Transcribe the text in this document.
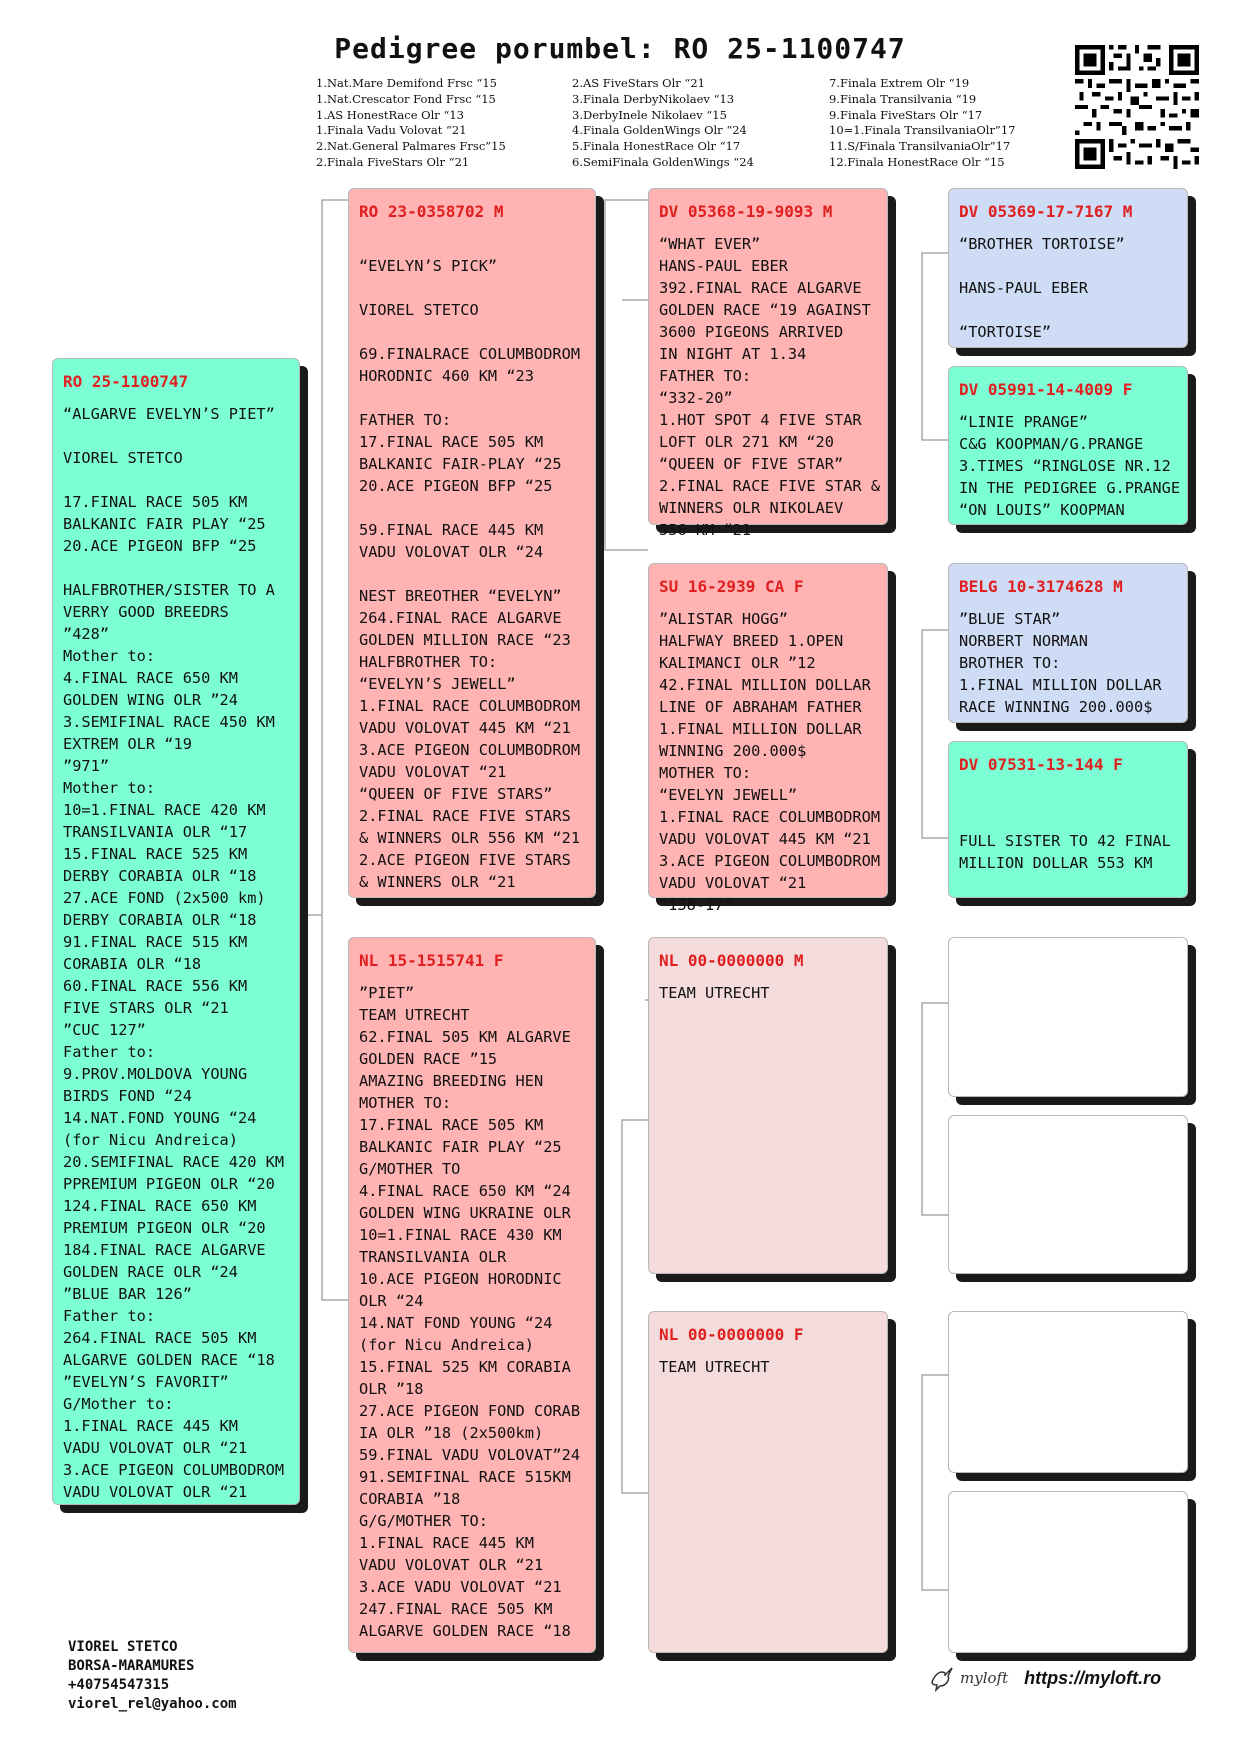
Pedigree porumbel: RO 25-1100747
1.Nat.Mare Demifond Frsc “15
1.Nat.Crescator Fond Frsc “15
1.AS HonestRace Olr “13
1.Finala Vadu Volovat “21
2.Nat.General Palmares Frsc”15
2.Finala FiveStars Olr “21
2.AS FiveStars Olr “21
3.Finala DerbyNikolaev “13
3.DerbyInele Nikolaev “15
4.Finala GoldenWings Olr “24
5.Finala HonestRace Olr “17
6.SemiFinala GoldenWings “24
7.Finala Extrem Olr “19
9.Finala Transilvania “19
9.Finala FiveStars Olr “17
10=1.Finala TransilvaniaOlr”17
11.S/Finala TransilvaniaOlr”17
12.Finala HonestRace Olr “15
RO 25-1100747
“ALGARVE EVELYN’S PIET”

VIOREL STETCO

17.FINAL RACE 505 KM
BALKANIC FAIR PLAY “25
20.ACE PIGEON BFP “25

HALFBROTHER/SISTER TO A
VERRY GOOD BREEDRS
”428”
Mother to:
4.FINAL RACE 650 KM
GOLDEN WING OLR ”24
3.SEMIFINAL RACE 450 KM
EXTREM OLR “19
”971”
Mother to:
10=1.FINAL RACE 420 KM
TRANSILVANIA OLR “17
15.FINAL RACE 525 KM
DERBY CORABIA OLR “18
27.ACE FOND (2x500 km)
DERBY CORABIA OLR “18
91.FINAL RACE 515 KM
CORABIA OLR “18
60.FINAL RACE 556 KM
FIVE STARS OLR “21
”CUC 127”
Father to:
9.PROV.MOLDOVA YOUNG
BIRDS FOND “24
14.NAT.FOND YOUNG “24
(for Nicu Andreica)
20.SEMIFINAL RACE 420 KM
PPREMIUM PIGEON OLR “20
124.FINAL RACE 650 KM
PREMIUM PIGEON OLR “20
184.FINAL RACE ALGARVE
GOLDEN RACE OLR “24
”BLUE BAR 126”
Father to:
264.FINAL RACE 505 KM
ALGARVE GOLDEN RACE “18
”EVELYN’S FAVORIT”
G/Mother to:
1.FINAL RACE 445 KM
VADU VOLOVAT OLR “21
3.ACE PIGEON COLUMBODROM
VADU VOLOVAT OLR “21
RO 23-0358702 M

“EVELYN’S PICK”

VIOREL STETCO

69.FINALRACE COLUMBODROM
HORODNIC 460 KM “23

FATHER TO:
17.FINAL RACE 505 KM
BALKANIC FAIR-PLAY “25
20.ACE PIGEON BFP “25

59.FINAL RACE 445 KM
VADU VOLOVAT OLR “24

NEST BREOTHER “EVELYN”
264.FINAL RACE ALGARVE
GOLDEN MILLION RACE “23
HALFBROTHER TO:
“EVELYN’S JEWELL”
1.FINAL RACE COLUMBODROM
VADU VOLOVAT 445 KM “21
3.ACE PIGEON COLUMBODROM
VADU VOLOVAT “21
“QUEEN OF FIVE STARS”
2.FINAL RACE FIVE STARS
& WINNERS OLR 556 KM “21
2.ACE PIGEON FIVE STARS
& WINNERS OLR “21
NL 15-1515741 F
”PIET”
TEAM UTRECHT
62.FINAL 505 KM ALGARVE
GOLDEN RACE ”15
AMAZING BREEDING HEN
MOTHER TO:
17.FINAL RACE 505 KM
BALKANIC FAIR PLAY “25
G/MOTHER TO
4.FINAL RACE 650 KM “24
GOLDEN WING UKRAINE OLR
10=1.FINAL RACE 430 KM
TRANSILVANIA OLR
10.ACE PIGEON HORODNIC
OLR “24
14.NAT FOND YOUNG “24
(for Nicu Andreica)
15.FINAL 525 KM CORABIA
OLR ”18
27.ACE PIGEON FOND CORAB
IA OLR ”18 (2x500km)
59.FINAL VADU VOLOVAT”24
91.SEMIFINAL RACE 515KM
CORABIA ”18
G/G/MOTHER TO:
1.FINAL RACE 445 KM
VADU VOLOVAT OLR “21
3.ACE VADU VOLOVAT “21
247.FINAL RACE 505 KM
ALGARVE GOLDEN RACE “18
DV 05368-19-9093 M
“WHAT EVER”
HANS-PAUL EBER
392.FINAL RACE ALGARVE
GOLDEN RACE “19 AGAINST
3600 PIGEONS ARRIVED
IN NIGHT AT 1.34
FATHER TO:
“332-20”
1.HOT SPOT 4 FIVE STAR
LOFT OLR 271 KM “20
“QUEEN OF FIVE STAR”
2.FINAL RACE FIVE STAR &
WINNERS OLR NIKOLAEV
556 KM “21
SU 16-2939 CA F
”ALISTAR HOGG”
HALFWAY BREED 1.OPEN
KALIMANCI OLR ”12
42.FINAL MILLION DOLLAR
LINE OF ABRAHAM FATHER
1.FINAL MILLION DOLLAR
WINNING 200.000$
MOTHER TO:
“EVELYN JEWELL”
1.FINAL RACE COLUMBODROM
VADU VOLOVAT 445 KM “21
3.ACE PIGEON COLUMBODROM
VADU VOLOVAT “21
“138-17”
NL 00-0000000 M
TEAM UTRECHT
NL 00-0000000 F
TEAM UTRECHT
DV 05369-17-7167 M
“BROTHER TORTOISE”

HANS-PAUL EBER

“TORTOISE”
DV 05991-14-4009 F
“LINIE PRANGE”
C&G KOOPMAN/G.PRANGE
3.TIMES “RINGLOSE NR.12
IN THE PEDIGREE G.PRANGE
“ON LOUIS” KOOPMAN
BELG 10-3174628 M
”BLUE STAR”
NORBERT NORMAN
BROTHER TO:
1.FINAL MILLION DOLLAR
RACE WINNING 200.000$
DV 07531-13-144 F

FULL SISTER TO 42 FINAL
MILLION DOLLAR 553 KM
VIOREL STETCO
BORSA-MARAMURES
+40754547315
viorel_rel@yahoo.com
myloft https://myloft.ro
